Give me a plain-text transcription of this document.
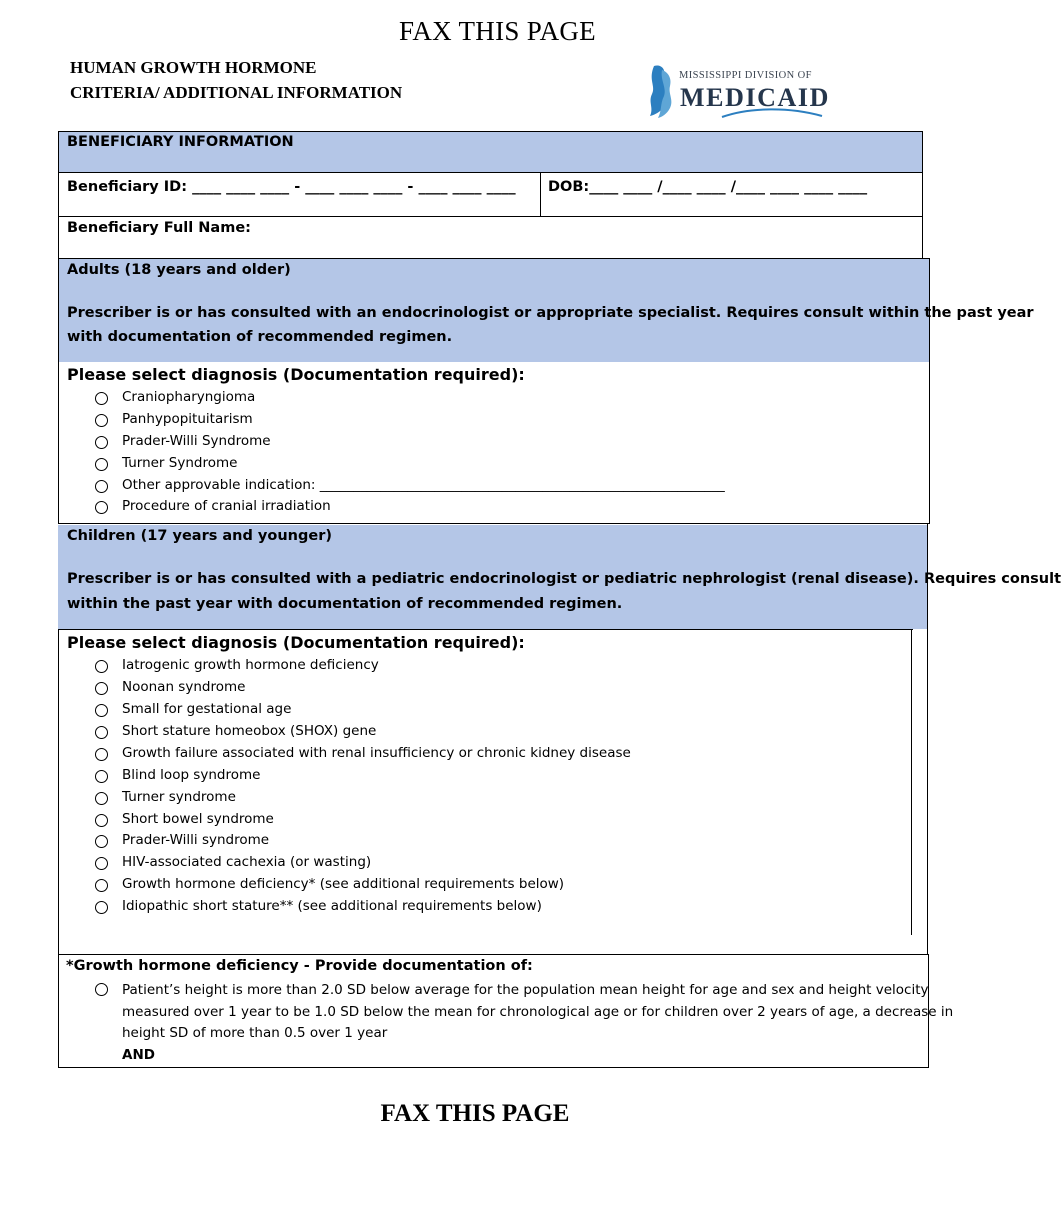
FAX THIS PAGE
HUMAN GROWTH HORMONE
CRITERIA/ ADDITIONAL INFORMATION
MISSISSIPPI DIVISION OF
MEDICAID
BENEFICIARY INFORMATION
Beneficiary ID: ____ ____ ____ - ____ ____ ____ - ____ ____ ____ DOB:____ ____ /____ ____ /____ ____ ____ ____
Beneficiary Full Name:
Adults (18 years and older)
Prescriber is or has consulted with an endocrinologist or appropriate specialist. Requires consult within the past year
with documentation of recommended regimen.
Please select diagnosis (Documentation required):
Craniopharyngioma
Panhypopituitarism
Prader-Willi Syndrome
Turner Syndrome
Other approvable indication: ____________________________________________________________
Procedure of cranial irradiation
Children (17 years and younger)
Prescriber is or has consulted with a pediatric endocrinologist or pediatric nephrologist (renal disease). Requires consult
within the past year with documentation of recommended regimen.
Please select diagnosis (Documentation required):
Iatrogenic growth hormone deficiency
Noonan syndrome
Small for gestational age
Short stature homeobox (SHOX) gene
Growth failure associated with renal insufficiency or chronic kidney disease
Blind loop syndrome
Turner syndrome
Short bowel syndrome
Prader-Willi syndrome
HIV-associated cachexia (or wasting)
Growth hormone deficiency* (see additional requirements below)
Idiopathic short stature** (see additional requirements below)
*Growth hormone deficiency - Provide documentation of:
Patient’s height is more than 2.0 SD below average for the population mean height for age and sex and height velocity
measured over 1 year to be 1.0 SD below the mean for chronological age or for children over 2 years of age, a decrease in
height SD of more than 0.5 over 1 year
AND
FAX THIS PAGE
